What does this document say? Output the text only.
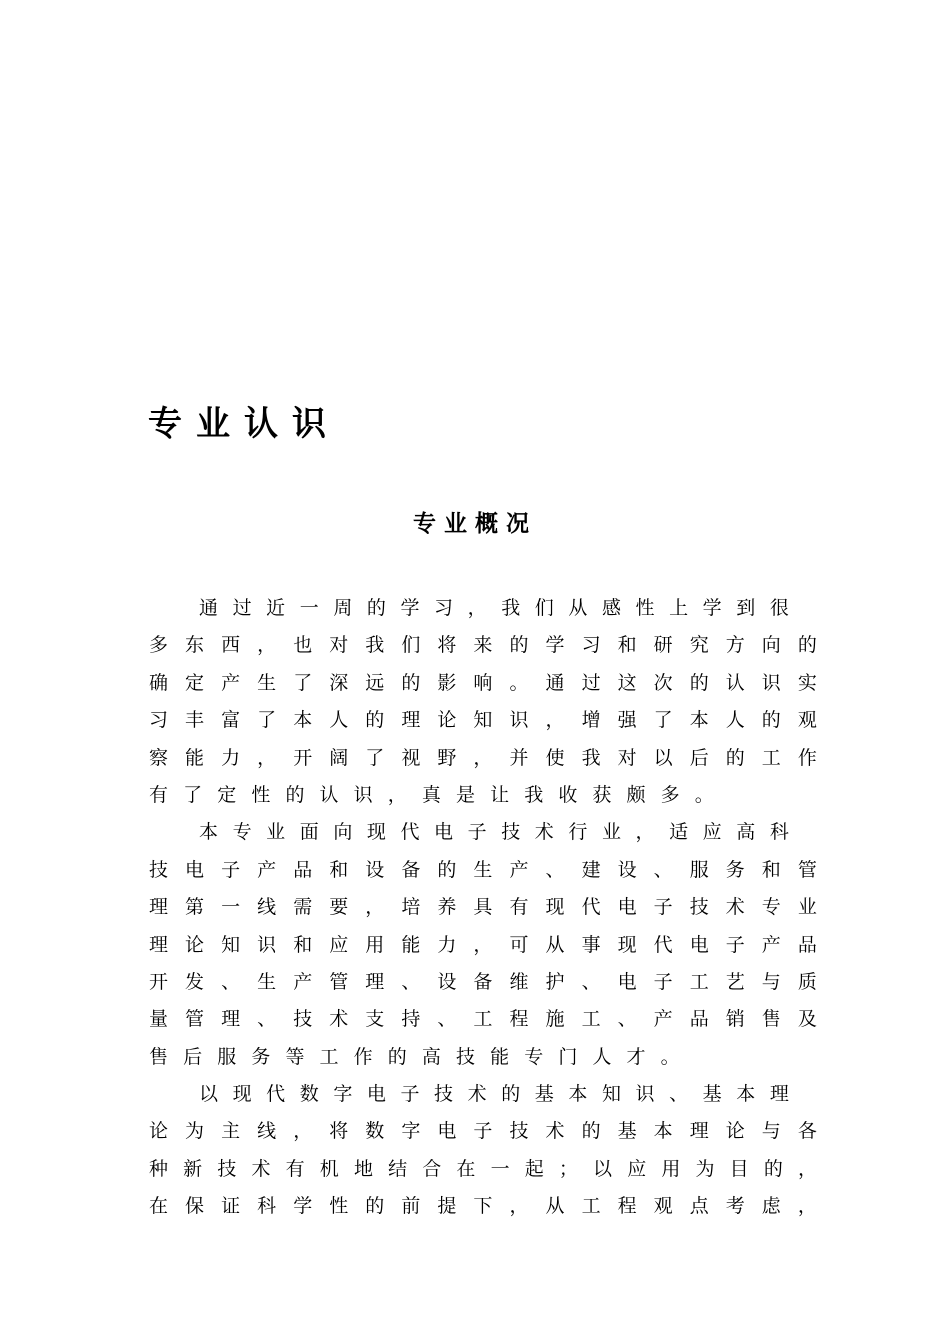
专业认识
专业概况
通 过 近 一 周 的 学 习 ， 我 们 从 感 性 上 学 到 很
多 东 西 ， 也 对 我 们 将 来 的 学 习 和 研 究 方 向 的
确 定 产 生 了 深 远 的 影 响 。 通 过 这 次 的 认 识 实
习 丰 富 了 本 人 的 理 论 知 识 ， 增 强 了 本 人 的 观
察 能 力 ， 开 阔 了 视 野 ， 并 使 我 对 以 后 的 工 作
有 了 定 性 的 认 识 ， 真 是 让 我 收 获 颇 多 。
本 专 业 面 向 现 代 电 子 技 术 行 业 ， 适 应 高 科
技 电 子 产 品 和 设 备 的 生 产 、 建 设 、 服 务 和 管
理 第 一 线 需 要 ， 培 养 具 有 现 代 电 子 技 术 专 业
理 论 知 识 和 应 用 能 力 ， 可 从 事 现 代 电 子 产 品
开 发 、 生 产 管 理 、 设 备 维 护 、 电 子 工 艺 与 质
量 管 理 、 技 术 支 持 、 工 程 施 工 、 产 品 销 售 及
售 后 服 务 等 工 作 的 高 技 能 专 门 人 才 。
以 现 代 数 字 电 子 技 术 的 基 本 知 识 、 基 本 理
论 为 主 线 ， 将 数 字 电 子 技 术 的 基 本 理 论 与 各
种 新 技 术 有 机 地 结 合 在 一 起 ； 以 应 用 为 目 的 ，
在 保 证 科 学 性 的 前 提 下 ， 从 工 程 观 点 考 虑 ，
